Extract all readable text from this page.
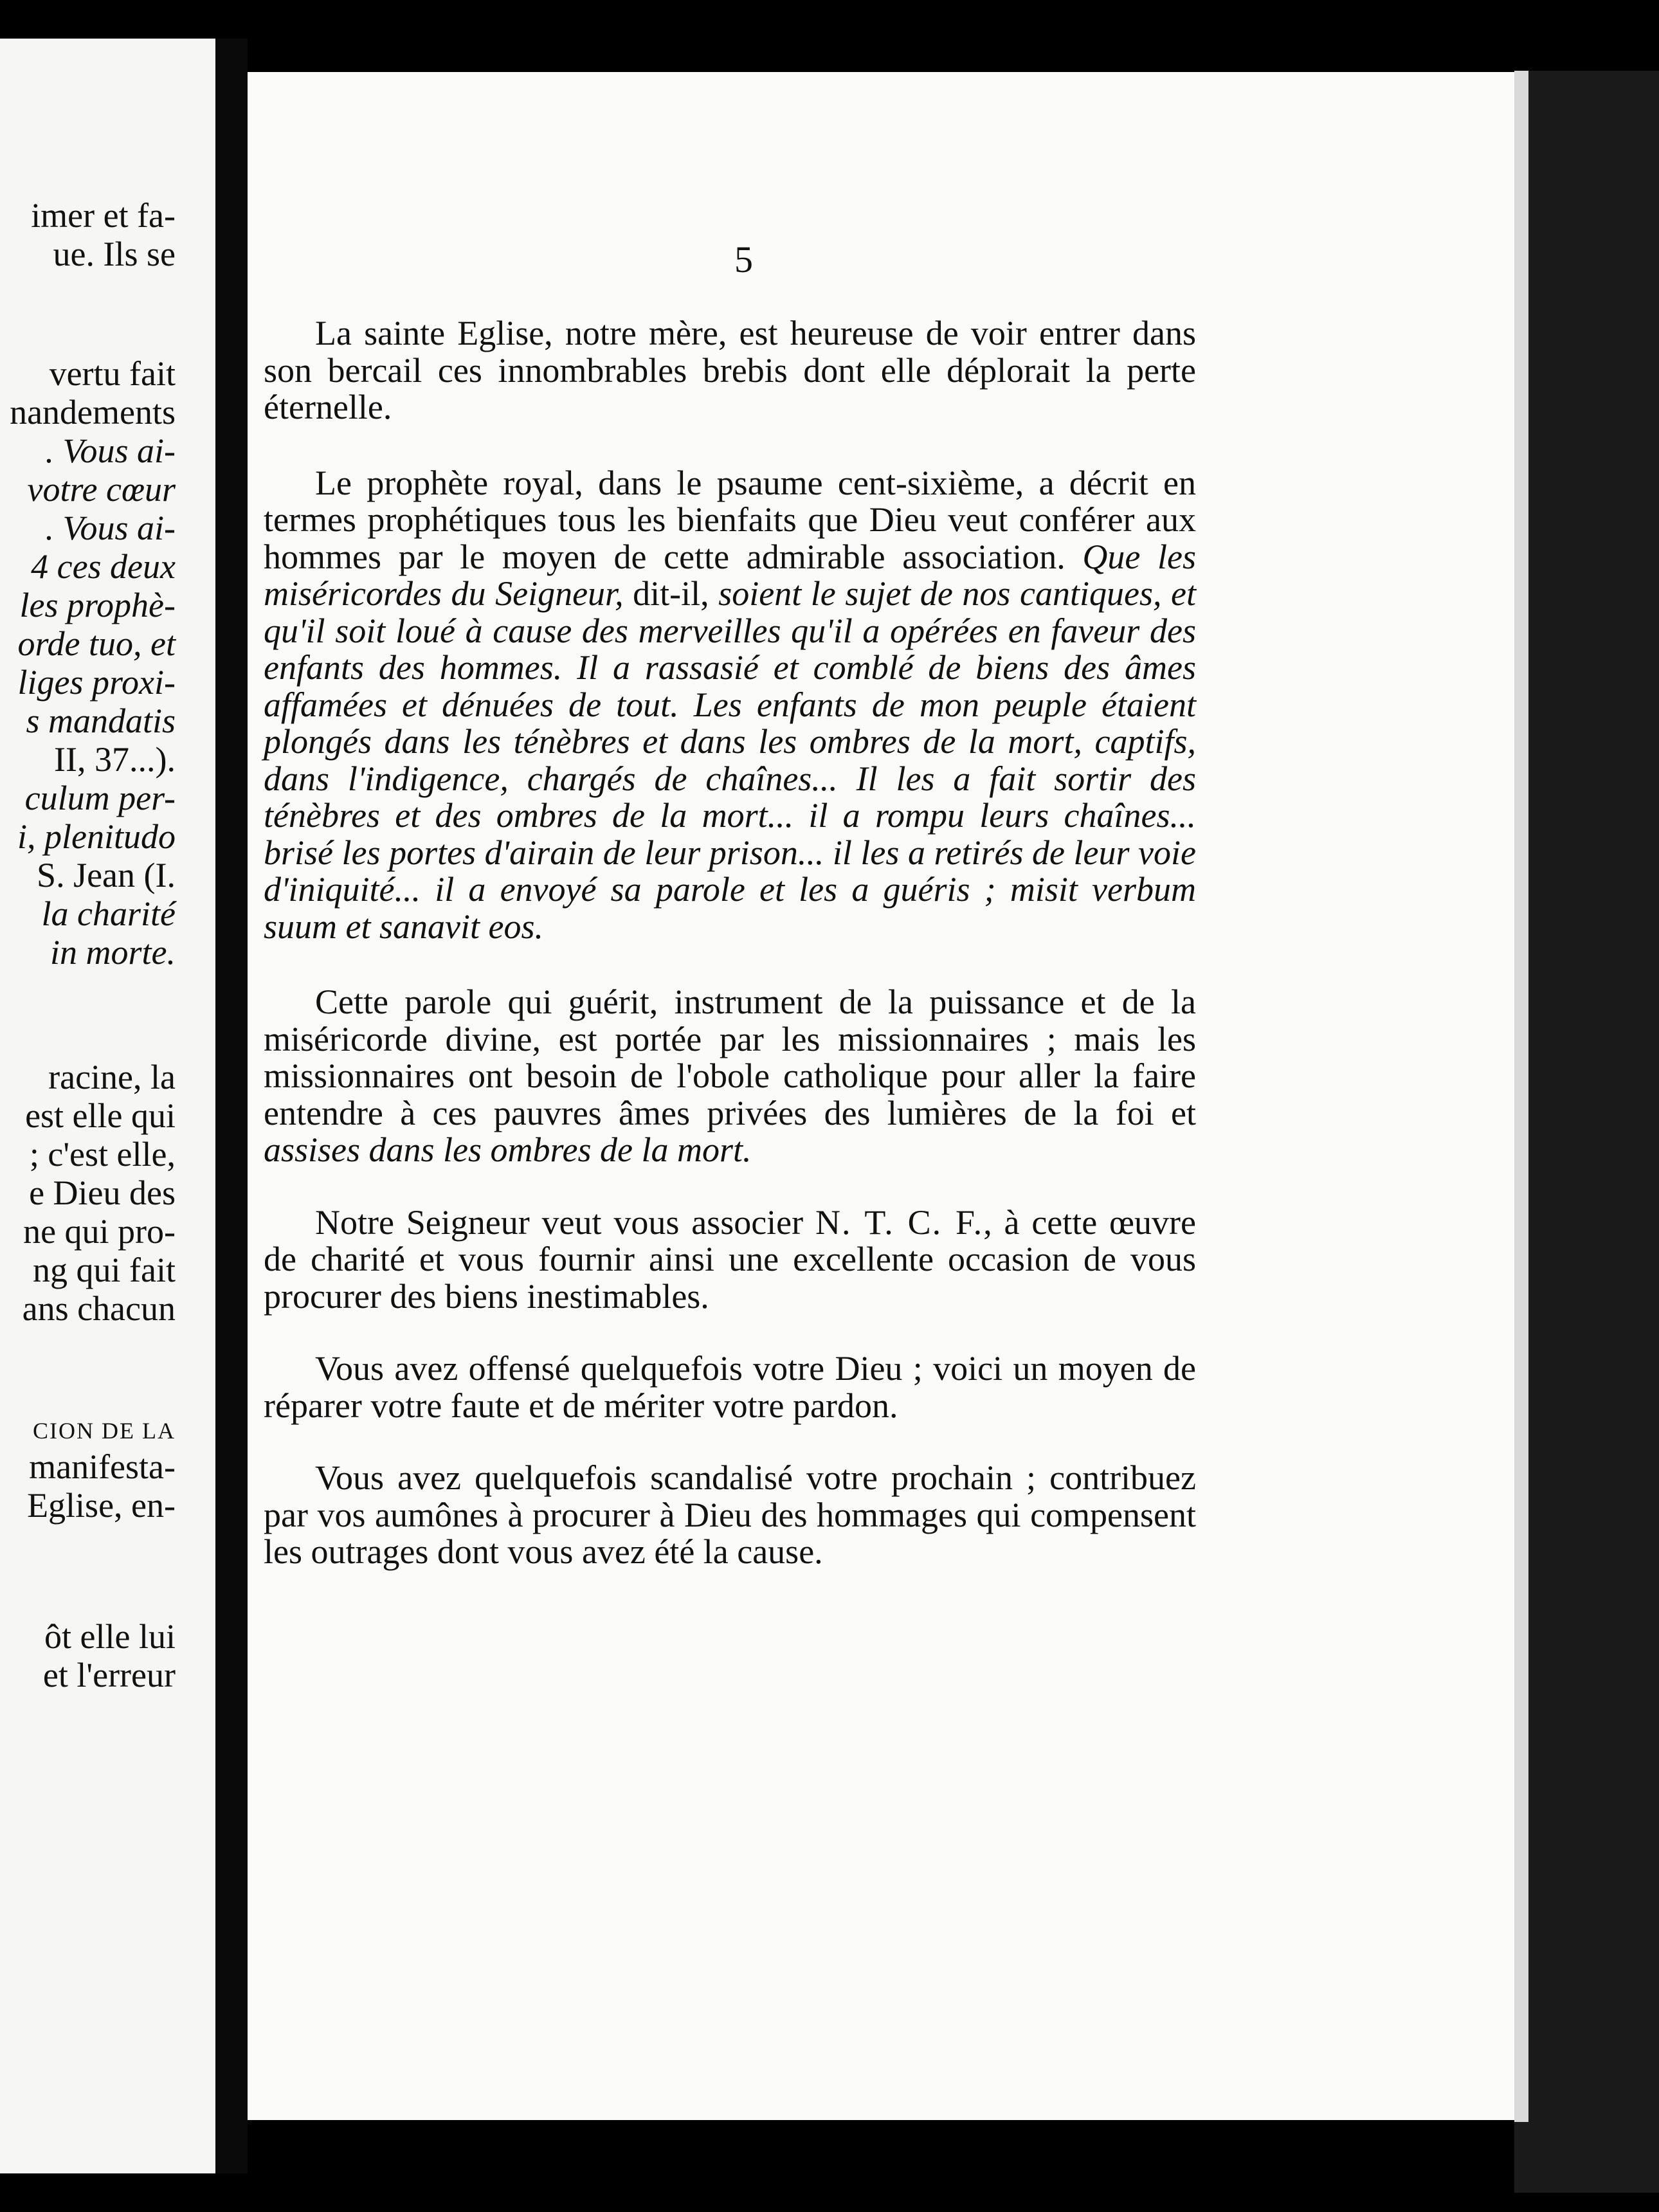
imer et fa-
ue. Ils se
vertu fait
nandements
. Vous ai-
votre cœur
. Vous ai-
4 ces deux
les prophè-
orde tuo, et
liges proxi-
s mandatis
II, 37...).
culum per-
i, plenitudo
S. Jean (I.
la charité
in morte.
racine, la
est elle qui
; c'est elle,
e Dieu des
ne qui pro-
ng qui fait
ans chacun
CION DE LA
manifesta-
Eglise, en-
ôt elle lui
et l'erreur
5

La sainte Eglise, notre mère, est heureuse de voir entrer dans son bercail ces innombrables brebis dont elle déplorait la perte éternelle.

Le prophète royal, dans le psaume cent-sixième, a décrit en termes prophétiques tous les bienfaits que Dieu veut conférer aux hommes par le moyen de cette admirable association. Que les miséricordes du Seigneur, dit-il, soient le sujet de nos cantiques, et qu'il soit loué à cause des merveilles qu'il a opérées en faveur des enfants des hommes. Il a rassasié et comblé de biens des âmes affamées et dénuées de tout. Les enfants de mon peuple étaient plongés dans les ténèbres et dans les ombres de la mort, captifs, dans l'indigence, chargés de chaînes... Il les a fait sortir des ténèbres et des ombres de la mort... il a rompu leurs chaînes... brisé les portes d'airain de leur prison... il les a retirés de leur voie d'iniquité... il a envoyé sa parole et les a guéris ; misit verbum suum et sanavit eos.

Cette parole qui guérit, instrument de la puissance et de la miséricorde divine, est portée par les missionnaires ; mais les missionnaires ont besoin de l'obole catholique pour aller la faire entendre à ces pauvres âmes privées des lumières de la foi et assises dans les ombres de la mort.

Notre Seigneur veut vous associer N. T. C. F., à cette œuvre de charité et vous fournir ainsi une excellente occasion de vous procurer des biens inestimables.

Vous avez offensé quelquefois votre Dieu ; voici un moyen de réparer votre faute et de mériter votre pardon.

Vous avez quelquefois scandalisé votre prochain ; contribuez par vos aumônes à procurer à Dieu des hommages qui compensent les outrages dont vous avez été la cause.
